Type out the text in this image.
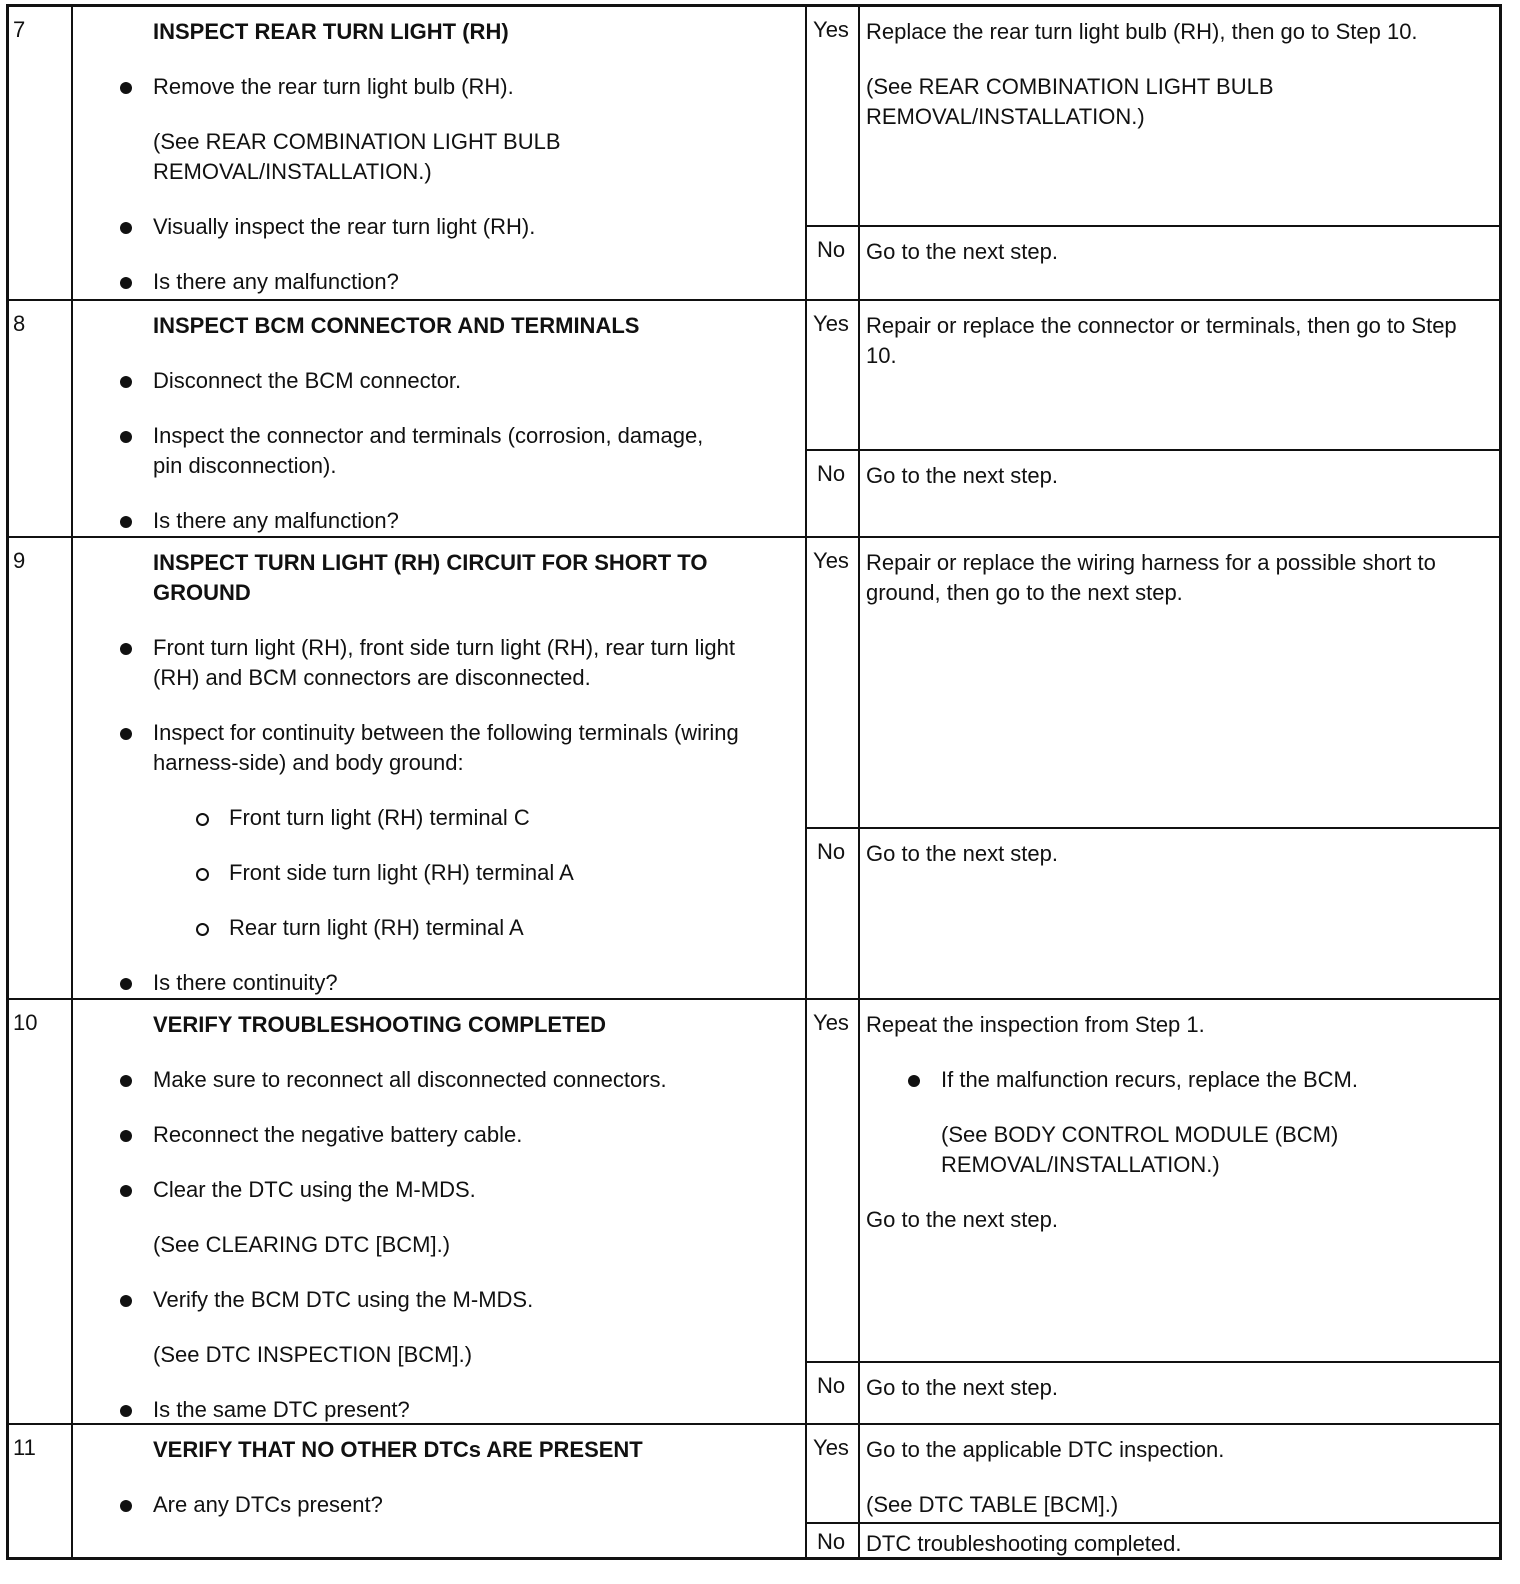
7	INSPECT REAR TURN LIGHT (RH)
Remove the rear turn light bulb (RH).
(See REAR COMBINATION LIGHT BULB REMOVAL/INSTALLATION.)
Visually inspect the rear turn light (RH).
Is there any malfunction?
Yes Replace the rear turn light bulb (RH), then go to Step 10.

(See REAR COMBINATION LIGHT BULB REMOVAL/INSTALLATION.)

No Go to the next step.

8	INSPECT BCM CONNECTOR AND TERMINALS
Disconnect the BCM connector.
Inspect the connector and terminals (corrosion, damage, pin disconnection).
Is there any malfunction?
Yes Repair or replace the connector or terminals, then go to Step 10.

No Go to the next step.

9	INSPECT TURN LIGHT (RH) CIRCUIT FOR SHORT TO GROUND
Front turn light (RH), front side turn light (RH), rear turn light (RH) and BCM connectors are disconnected.
Inspect for continuity between the following terminals (wiring harness-side) and body ground:
Front turn light (RH) terminal C
Front side turn light (RH) terminal A
Rear turn light (RH) terminal A
Is there continuity?
Yes Repair or replace the wiring harness for a possible short to ground, then go to the next step.

No Go to the next step.

10	VERIFY TROUBLESHOOTING COMPLETED
Make sure to reconnect all disconnected connectors.
Reconnect the negative battery cable.
Clear the DTC using the M-MDS.
(See CLEARING DTC [BCM].)
Verify the BCM DTC using the M-MDS.
(See DTC INSPECTION [BCM].)
Is the same DTC present?
Yes Repeat the inspection from Step 1.

If the malfunction recurs, replace the BCM.
(See BODY CONTROL MODULE (BCM) REMOVAL/INSTALLATION.)

Go to the next step.

No Go to the next step.

11	VERIFY THAT NO OTHER DTCs ARE PRESENT
Are any DTCs present?
Yes Go to the applicable DTC inspection.

(See DTC TABLE [BCM].)

No DTC troubleshooting completed.
